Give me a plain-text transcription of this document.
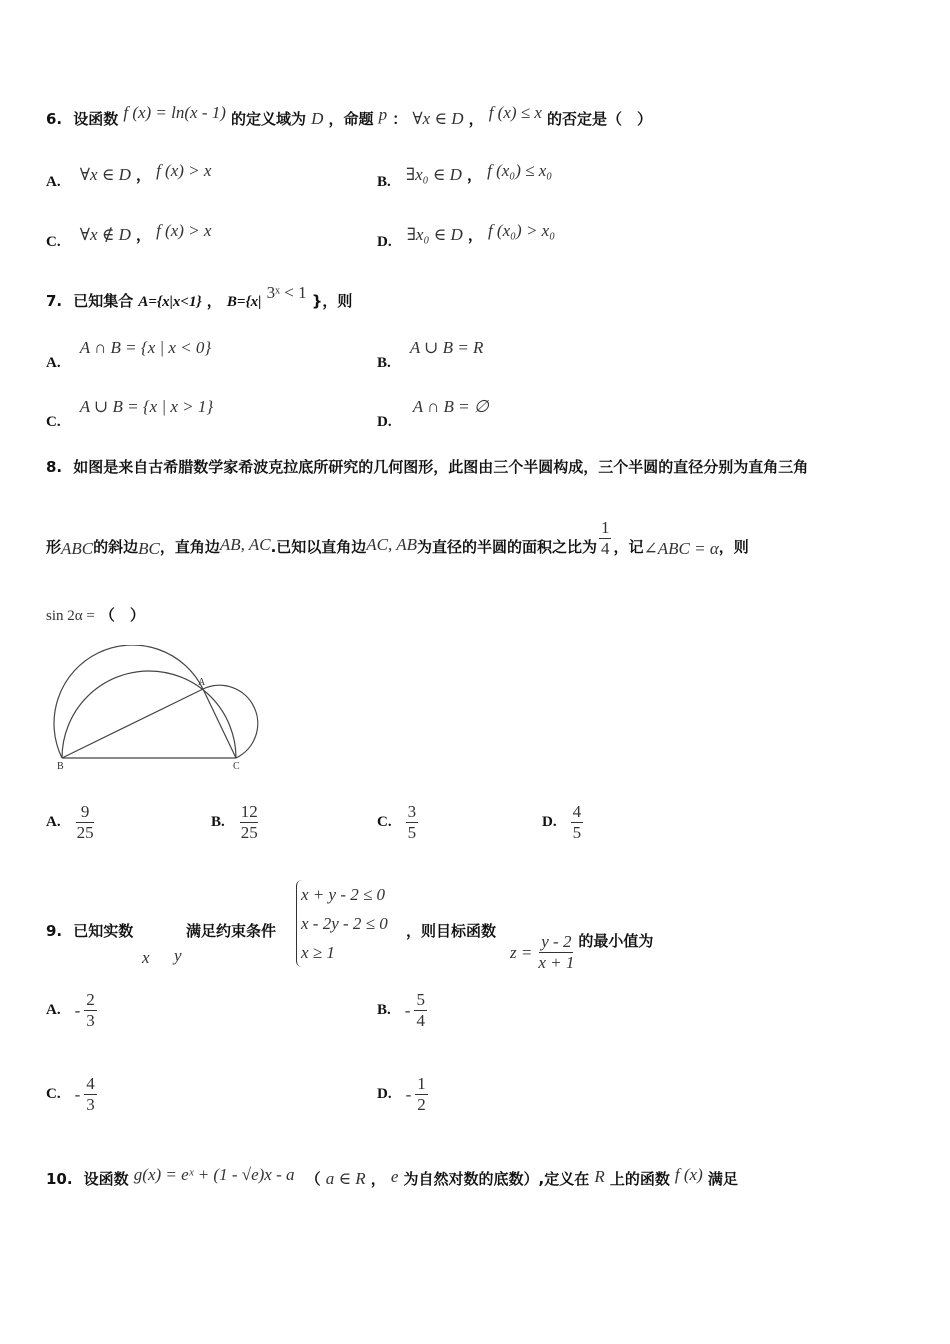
6. 设函数 f (x) = ln(x - 1) 的定义域为 D ，命题 p ： ∀x ∈ D ， f (x) ≤ x 的否定是（　）
A. ∀x ∈ D ， f (x) > x
B. ∃x₀ ∈ D ， f (x₀) ≤ x₀
C. ∀x ∉ D ， f (x) > x
D. ∃x₀ ∈ D ， f (x₀) > x₀
7. 已知集合 A={x|x<1} ， B={x| 3ˣ < 1 }，则
A. A ∩ B = {x | x < 0}
B. A ∪ B = R
C. A ∪ B = {x | x > 1}
D. A ∩ B = ∅
8. 如图是来自古希腊数学家希波克拉底所研究的几何图形，此图由三个半圆构成，三个半圆的直径分别为直角三角
形 ABC 的斜边 BC ，直角边 AB, AC .已知以直角边 AC, AB 为直径的半圆的面积之比为 $\frac{1}{4}$ ，记 ∠ABC = α ，则
sin 2α = （　）
A
B	C
A. $\frac{9}{25}$	B. $\frac{12}{25}$	C. $\frac{3}{5}$	D. $\frac{4}{5}$
9. 已知实数	满足约束条件
x y
x + y - 2 ≤ 0
x - 2y - 2 ≤ 0
x ≥ 1
，则目标函数
$z = \frac{y - 2}{x + 1}$ 的最小值为
A. - $\frac{2}{3}$	B. - $\frac{5}{4}$
C. - $\frac{4}{3}$	D. - $\frac{1}{2}$
10. 设函数 g(x) = eˣ + (1 - √e)x - a （ a ∈ R ， e 为自然对数的底数）,定义在 R 上的函数 f (x) 满足
